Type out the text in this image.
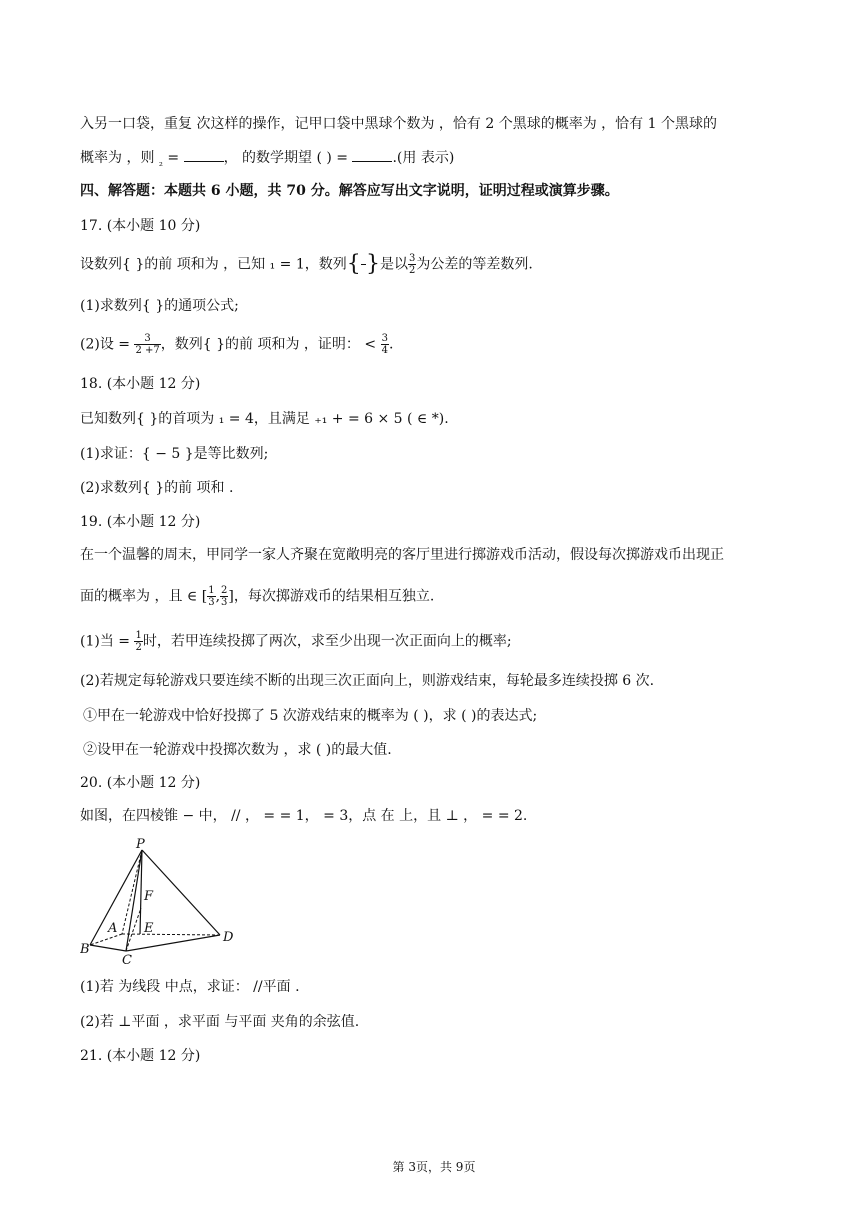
入另一口袋，重复 次这样的操作，记甲口袋中黑球个数为 ，恰有 2 个黑球的概率为 ，恰有 1 个黑球的
概率为 ，则 $_{_2}$ =	， 的数学期望 ( ) =	.(用 表示)
四、解答题：本题共 6 小题，共 70 分。解答应写出文字说明，证明过程或演算步骤。
17. (本小题 10 分)
设数列{ }的前 项和为 ，已知 ₁ = 1，数列{

}是以 $\frac{3}{2}$ 为公差的等差数列.
(1)求数列{ }的通项公式;
(2)设 = $\frac{3}{2 +7}$ ，数列{ }的前 项和为 ，证明： < $\frac{3}{4}$ .
18. (本小题 12 分)
已知数列{ }的首项为 ₁ = 4，且满足 ₊₁ + = 6 × 5 ( ∈ *).
(1)求证：{ − 5 }是等比数列;
(2)求数列{ }的前 项和 .
19. (本小题 12 分)
在一个温馨的周末，甲同学一家人齐聚在宽敞明亮的客厅里进行掷游戏币活动，假设每次掷游戏币出现正
面的概率为 ，且 ∈ [ $\frac{1}{3}$ , $\frac{2}{3}$ ]，每次掷游戏币的结果相互独立.
(1)当 = $\frac{1}{2}$ 时，若甲连续投掷了两次，求至少出现一次正面向上的概率;
(2)若规定每轮游戏只要连续不断的出现三次正面向上，则游戏结束，每轮最多连续投掷 6 次.
①甲在一轮游戏中恰好投掷了 5 次游戏结束的概率为 ( )，求 ( )的表达式;
②设甲在一轮游戏中投掷次数为 ，求 ( )的最大值.
20. (本小题 12 分)
如图，在四棱锥 − 中， // ， = = 1， = 3，点 在 上，且 ⊥ ， = = 2.
P
F
A E
B
C
D
(1)若 为线段 中点，求证： //平面 .
(2)若 ⊥平面 ，求平面 与平面 夹角的余弦值.
21. (本小题 12 分)
第 3页，共 9页
